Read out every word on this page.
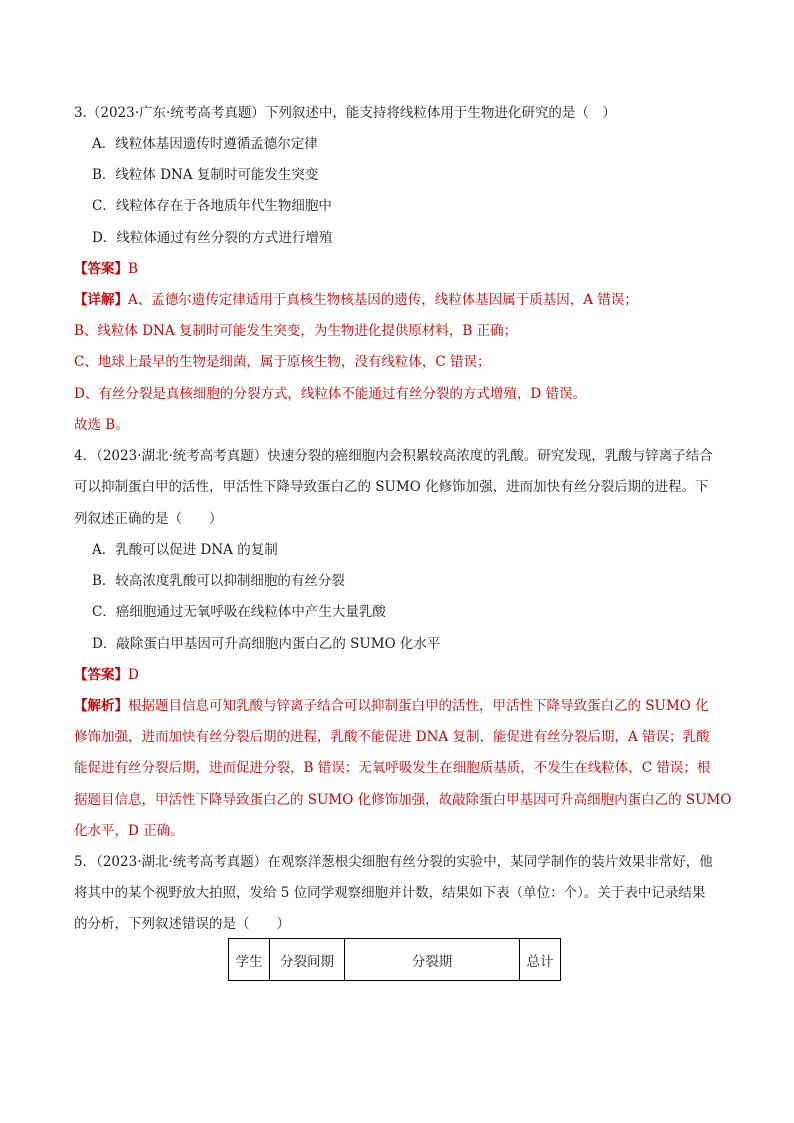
3.（2023·广东·统考高考真题）下列叙述中，能支持将线粒体用于生物进化研究的是（　）
A．线粒体基因遗传时遵循孟德尔定律
B．线粒体 DNA 复制时可能发生突变
C．线粒体存在于各地质年代生物细胞中
D．线粒体通过有丝分裂的方式进行增殖
【答案】B
【详解】A、孟德尔遗传定律适用于真核生物核基因的遗传，线粒体基因属于质基因，A 错误；
B、线粒体 DNA 复制时可能发生突变，为生物进化提供原材料，B 正确；
C、地球上最早的生物是细菌，属于原核生物，没有线粒体，C 错误；
D、有丝分裂是真核细胞的分裂方式，线粒体不能通过有丝分裂的方式增殖，D 错误。
故选 B。
4．（2023·湖北·统考高考真题）快速分裂的癌细胞内会积累较高浓度的乳酸。研究发现，乳酸与锌离子结合
可以抑制蛋白甲的活性，甲活性下降导致蛋白乙的 SUMO 化修饰加强，进而加快有丝分裂后期的进程。下
列叙述正确的是（　　）
A．乳酸可以促进 DNA 的复制
B．较高浓度乳酸可以抑制细胞的有丝分裂
C．癌细胞通过无氧呼吸在线粒体中产生大量乳酸
D．敲除蛋白甲基因可升高细胞内蛋白乙的 SUMO 化水平
【答案】D
【解析】根据题目信息可知乳酸与锌离子结合可以抑制蛋白甲的活性，甲活性下降导致蛋白乙的 SUMO 化
修饰加强，进而加快有丝分裂后期的进程，乳酸不能促进 DNA 复制，能促进有丝分裂后期，A 错误；乳酸
能促进有丝分裂后期，进而促进分裂，B 错误；无氧呼吸发生在细胞质基质，不发生在线粒体，C 错误；根
据题目信息，甲活性下降导致蛋白乙的 SUMO 化修饰加强，故敲除蛋白甲基因可升高细胞内蛋白乙的 SUMO
化水平，D 正确。
5．（2023·湖北·统考高考真题）在观察洋葱根尖细胞有丝分裂的实验中，某同学制作的装片效果非常好，他
将其中的某个视野放大拍照，发给 5 位同学观察细胞并计数，结果如下表（单位：个）。关于表中记录结果
的分析，下列叙述错误的是（　　）
学生	分裂间期	分裂期	总计
